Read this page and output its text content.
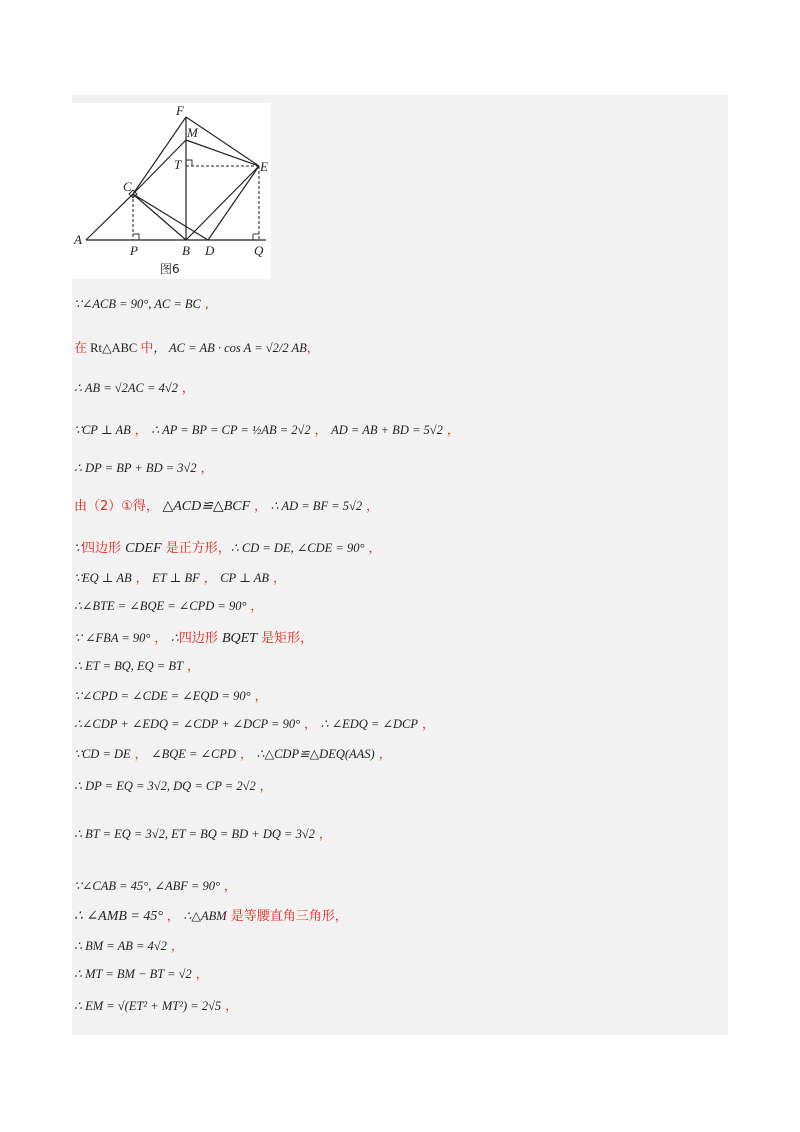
F
M
T	E
C
A
P	B D	Q
图6
∵∠ACB = 90°, AC = BC ,
在 Rt△ABC 中， AC = AB · cos A = √2/2 AB，
∴ AB = √2AC = 4√2 ，
∵CP ⊥ AB ， ∴ AP = BP = CP = ½AB = 2√2 ， AD = AB + BD = 5√2 ，
∴ DP = BP + BD = 3√2 ，
由（2）①得， △ACD≌△BCF ， ∴ AD = BF = 5√2 ，
∵四边形 CDEF 是正方形，∴ CD = DE, ∠CDE = 90° ，
∵EQ ⊥ AB ， ET ⊥ BF ， CP ⊥ AB ，
∴∠BTE = ∠BQE = ∠CPD = 90° ，
∵ ∠FBA = 90° ， ∴四边形 BQET 是矩形，
∴ ET = BQ, EQ = BT ，
∵∠CPD = ∠CDE = ∠EQD = 90° ，
∴∠CDP + ∠EDQ = ∠CDP + ∠DCP = 90° ， ∴ ∠EDQ = ∠DCP ，
∵CD = DE ， ∠BQE = ∠CPD ， ∴△CDP≌△DEQ(AAS) ，
∴ DP = EQ = 3√2, DQ = CP = 2√2 ，
∴ BT = EQ = 3√2, ET = BQ = BD + DQ = 3√2 ，
∵∠CAB = 45°, ∠ABF = 90° ，
∴ ∠AMB = 45° ， ∴△ABM 是等腰直角三角形，
∴ BM = AB = 4√2 ，
∴ MT = BM − BT = √2 ，
∴ EM = √(ET² + MT²) = 2√5 ，
